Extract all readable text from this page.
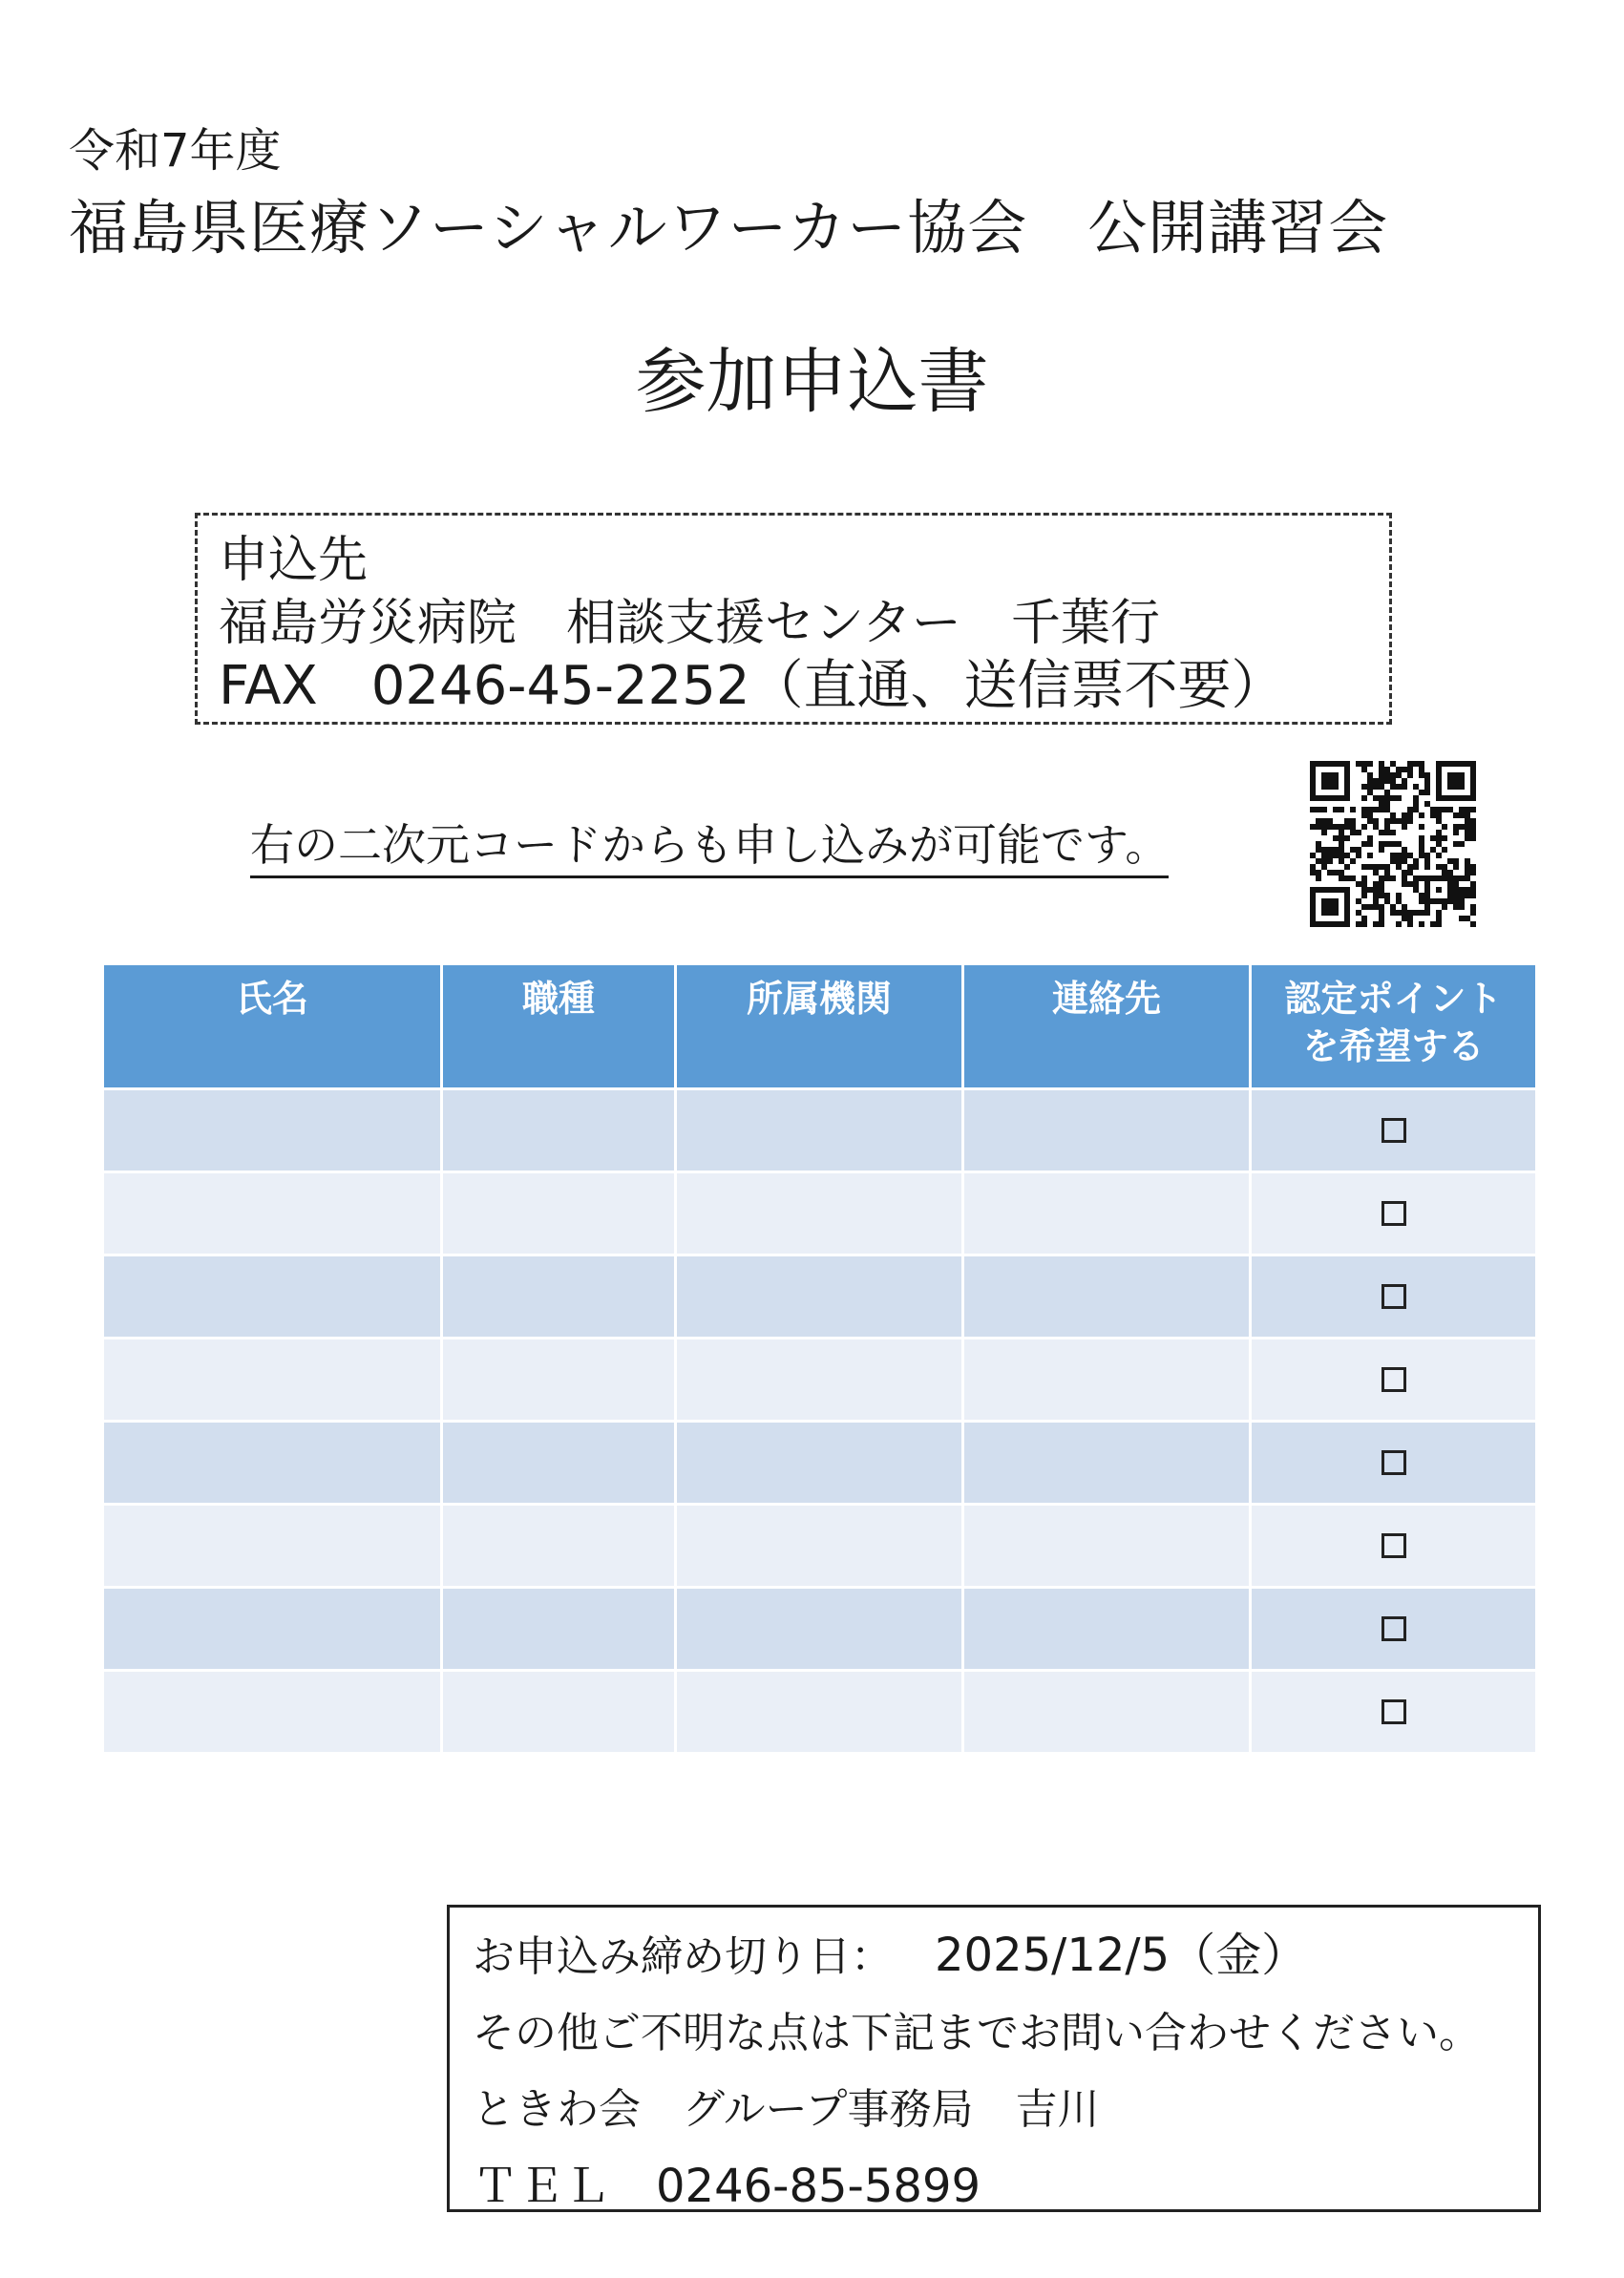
令和7年度
福島県医療ソーシャルワーカー協会　公開講習会
参加申込書
申込先
福島労災病院　相談支援センター　千葉行
FAX　0246-45-2252（直通、送信票不要）
右の二次元コードからも申し込みが可能です。
氏名	職種	所属機関	連絡先	認定ポイント
を希望する

お申込み締め切り日：  2025/12/5（金）
その他ご不明な点は下記までお問い合わせください。
ときわ会　グループ事務局　吉川
ＴＥＬ　0246-85-5899
